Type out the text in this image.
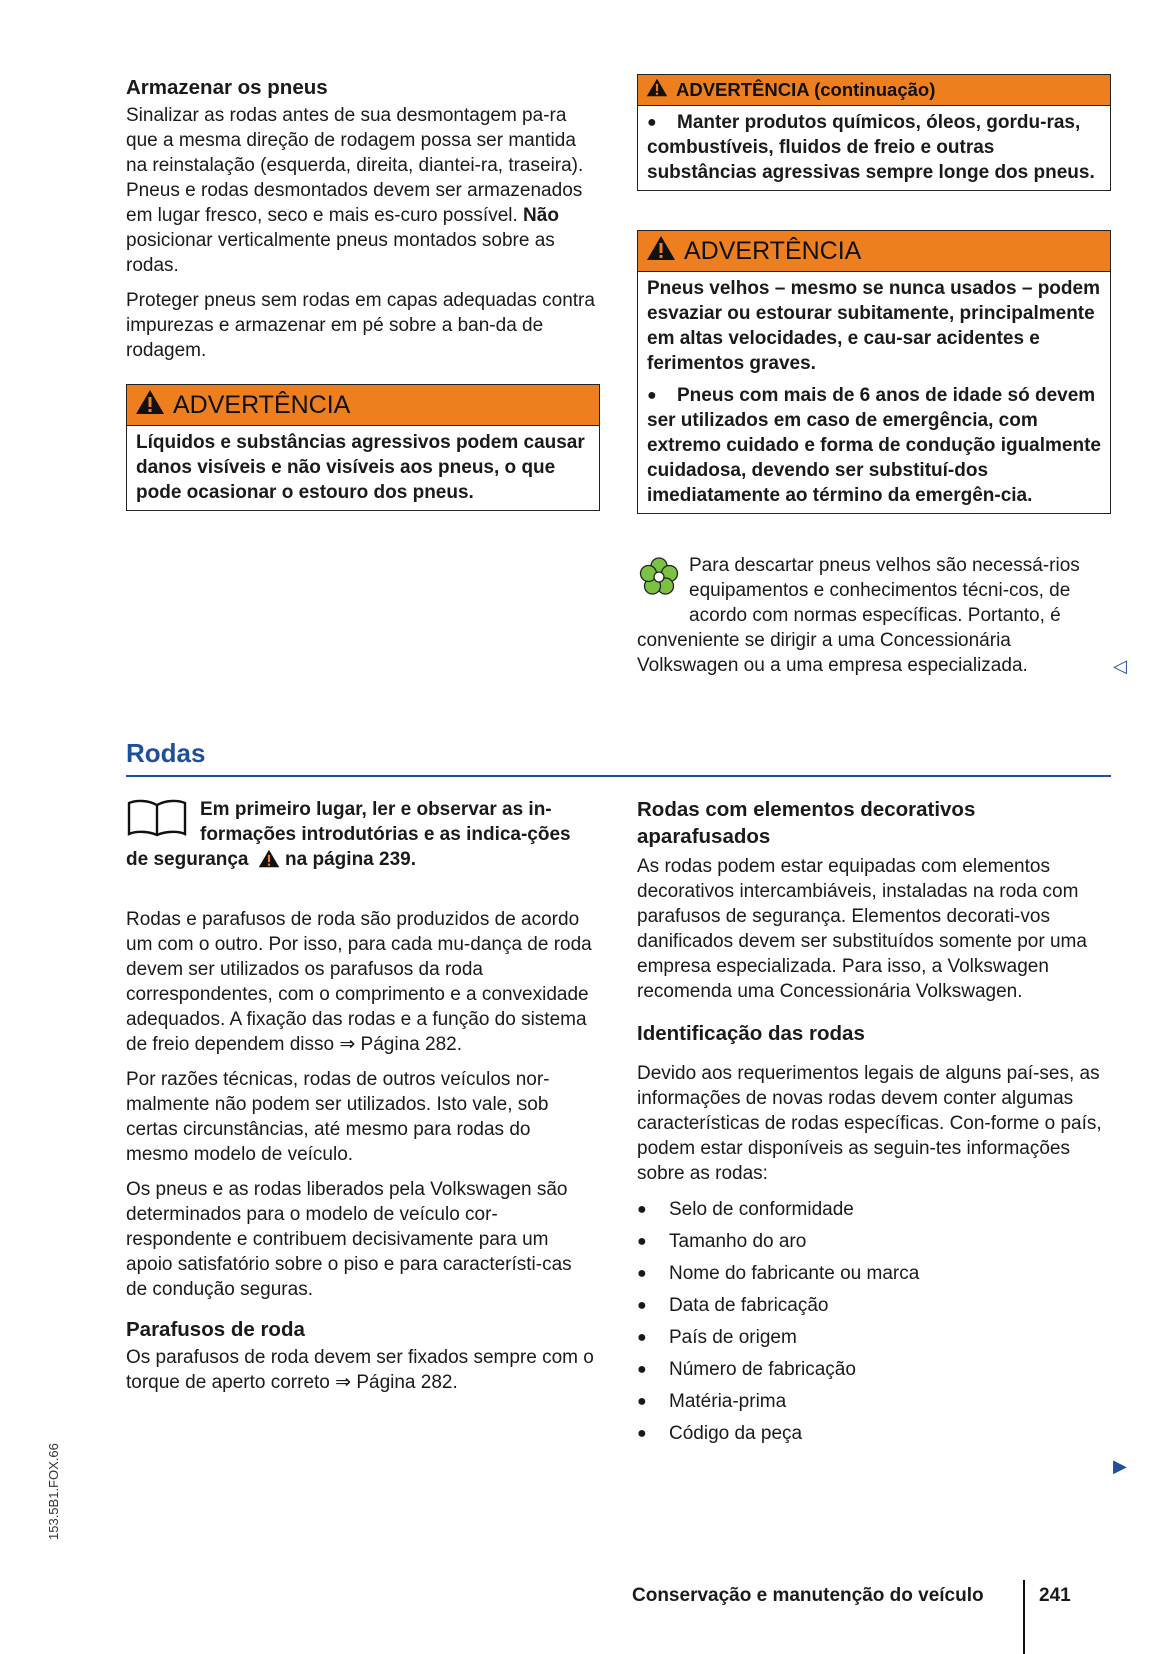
Armazenar os pneus

Sinalizar as rodas antes de sua desmontagem pa-ra que a mesma direção de rodagem possa ser mantida na reinstalação (esquerda, direita, diantei-ra, traseira). Pneus e rodas desmontados devem ser armazenados em lugar fresco, seco e mais es-curo possível. Não posicionar verticalmente pneus montados sobre as rodas.

Proteger pneus sem rodas em capas adequadas contra impurezas e armazenar em pé sobre a ban-da de rodagem.

ADVERTÊNCIA
Líquidos e substâncias agressivos podem causar danos visíveis e não visíveis aos pneus, o que pode ocasionar o estouro dos pneus.
ADVERTÊNCIA (continuação)
●	Manter produtos químicos, óleos, gordu-ras, combustíveis, fluidos de freio e outras substâncias agressivas sempre longe dos pneus.
ADVERTÊNCIA
Pneus velhos – mesmo se nunca usados – podem esvaziar ou estourar subitamente, principalmente em altas velocidades, e cau-sar acidentes e ferimentos graves.
●	Pneus com mais de 6 anos de idade só devem ser utilizados em caso de emergência, com extremo cuidado e forma de condução igualmente cuidadosa, devendo ser substituí-dos imediatamente ao término da emergên-cia.

Para descartar pneus velhos são necessá-rios equipamentos e conhecimentos técni-cos, de acordo com normas específicas. Portanto, é conveniente se dirigir a uma Concessionária Volkswagen ou a uma empresa especializada.	◁
Rodas
Em primeiro lugar, ler e observar as in-formações introdutórias e as indica-ções de segurança  na página 239.

Rodas e parafusos de roda são produzidos de acordo um com o outro. Por isso, para cada mu-dança de roda devem ser utilizados os parafusos da roda correspondentes, com o comprimento e a convexidade adequados. A fixação das rodas e a função do sistema de freio dependem disso ⇒ Página 282.

Por razões técnicas, rodas de outros veículos nor-malmente não podem ser utilizados. Isto vale, sob certas circunstâncias, até mesmo para rodas do mesmo modelo de veículo.

Os pneus e as rodas liberados pela Volkswagen são determinados para o modelo de veículo cor-respondente e contribuem decisivamente para um apoio satisfatório sobre o piso e para característi-cas de condução seguras.

Parafusos de roda

Os parafusos de roda devem ser fixados sempre com o torque de aperto correto ⇒ Página 282.

Rodas com elementos decorativos aparafusados

As rodas podem estar equipadas com elementos decorativos intercambiáveis, instaladas na roda com parafusos de segurança. Elementos decorati-vos danificados devem ser substituídos somente por uma empresa especializada. Para isso, a Volkswagen recomenda uma Concessionária Volkswagen.

Identificação das rodas

Devido aos requerimentos legais de alguns paí-ses, as informações de novas rodas devem conter algumas características de rodas específicas. Con-forme o país, podem estar disponíveis as seguin-tes informações sobre as rodas:

●	Selo de conformidade
●	Tamanho do aro
●	Nome do fabricante ou marca
●	Data de fabricação
●	País de origem
●	Número de fabricação
●	Matéria-prima
●	Código da peça
▶
Conservação e manutenção do veículo	241
153.5B1.FOX.66
